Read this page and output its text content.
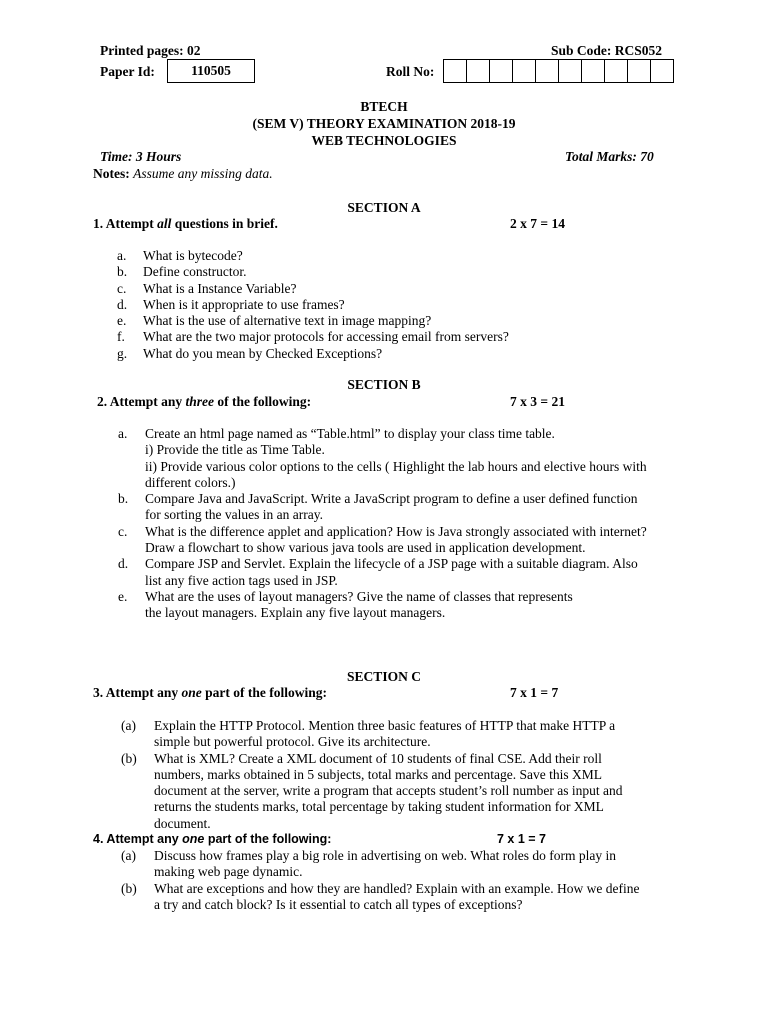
Printed pages: 02	Sub Code: RCS052
Paper Id:	110505	Roll No:
BTECH
(SEM V) THEORY EXAMINATION 2018-19
WEB TECHNOLOGIES
Time: 3 Hours	Total Marks: 70
Notes: Assume any missing data.
SECTION A
1. Attempt all questions in brief.	2 x 7 = 14
a. What is bytecode?
b. Define constructor.
c. What is a Instance Variable?
d. When is it appropriate to use frames?
e. What is the use of alternative text in image mapping?
f. What are the two major protocols for accessing email from servers?
g. What do you mean by Checked Exceptions?
SECTION B
2. Attempt any three of the following:	7 x 3 = 21
a. Create an html page named as “Table.html” to display your class time table.
i) Provide the title as Time Table.
ii) Provide various color options to the cells ( Highlight the lab hours and elective hours with
different colors.)
b. Compare Java and JavaScript. Write a JavaScript program to define a user defined function
for sorting the values in an array.
c. What is the difference applet and application? How is Java strongly associated with internet?
Draw a flowchart to show various java tools are used in application development.
d. Compare JSP and Servlet. Explain the lifecycle of a JSP page with a suitable diagram. Also
list any five action tags used in JSP.
e. What are the uses of layout managers? Give the name of classes that represents
the layout managers. Explain any five layout managers.
SECTION C
3. Attempt any one part of the following:	7 x 1 = 7
(a) Explain the HTTP Protocol. Mention three basic features of HTTP that make HTTP a
simple but powerful protocol. Give its architecture.
(b) What is XML? Create a XML document of 10 students of final CSE. Add their roll
numbers, marks obtained in 5 subjects, total marks and percentage. Save this XML
document at the server, write a program that accepts student’s roll number as input and
returns the students marks, total percentage by taking student information for XML
document.
4. Attempt any one part of the following:	7 x 1 = 7
(a) Discuss how frames play a big role in advertising on web. What roles do form play in
making web page dynamic.
(b) What are exceptions and how they are handled? Explain with an example. How we define
a try and catch block? Is it essential to catch all types of exceptions?
